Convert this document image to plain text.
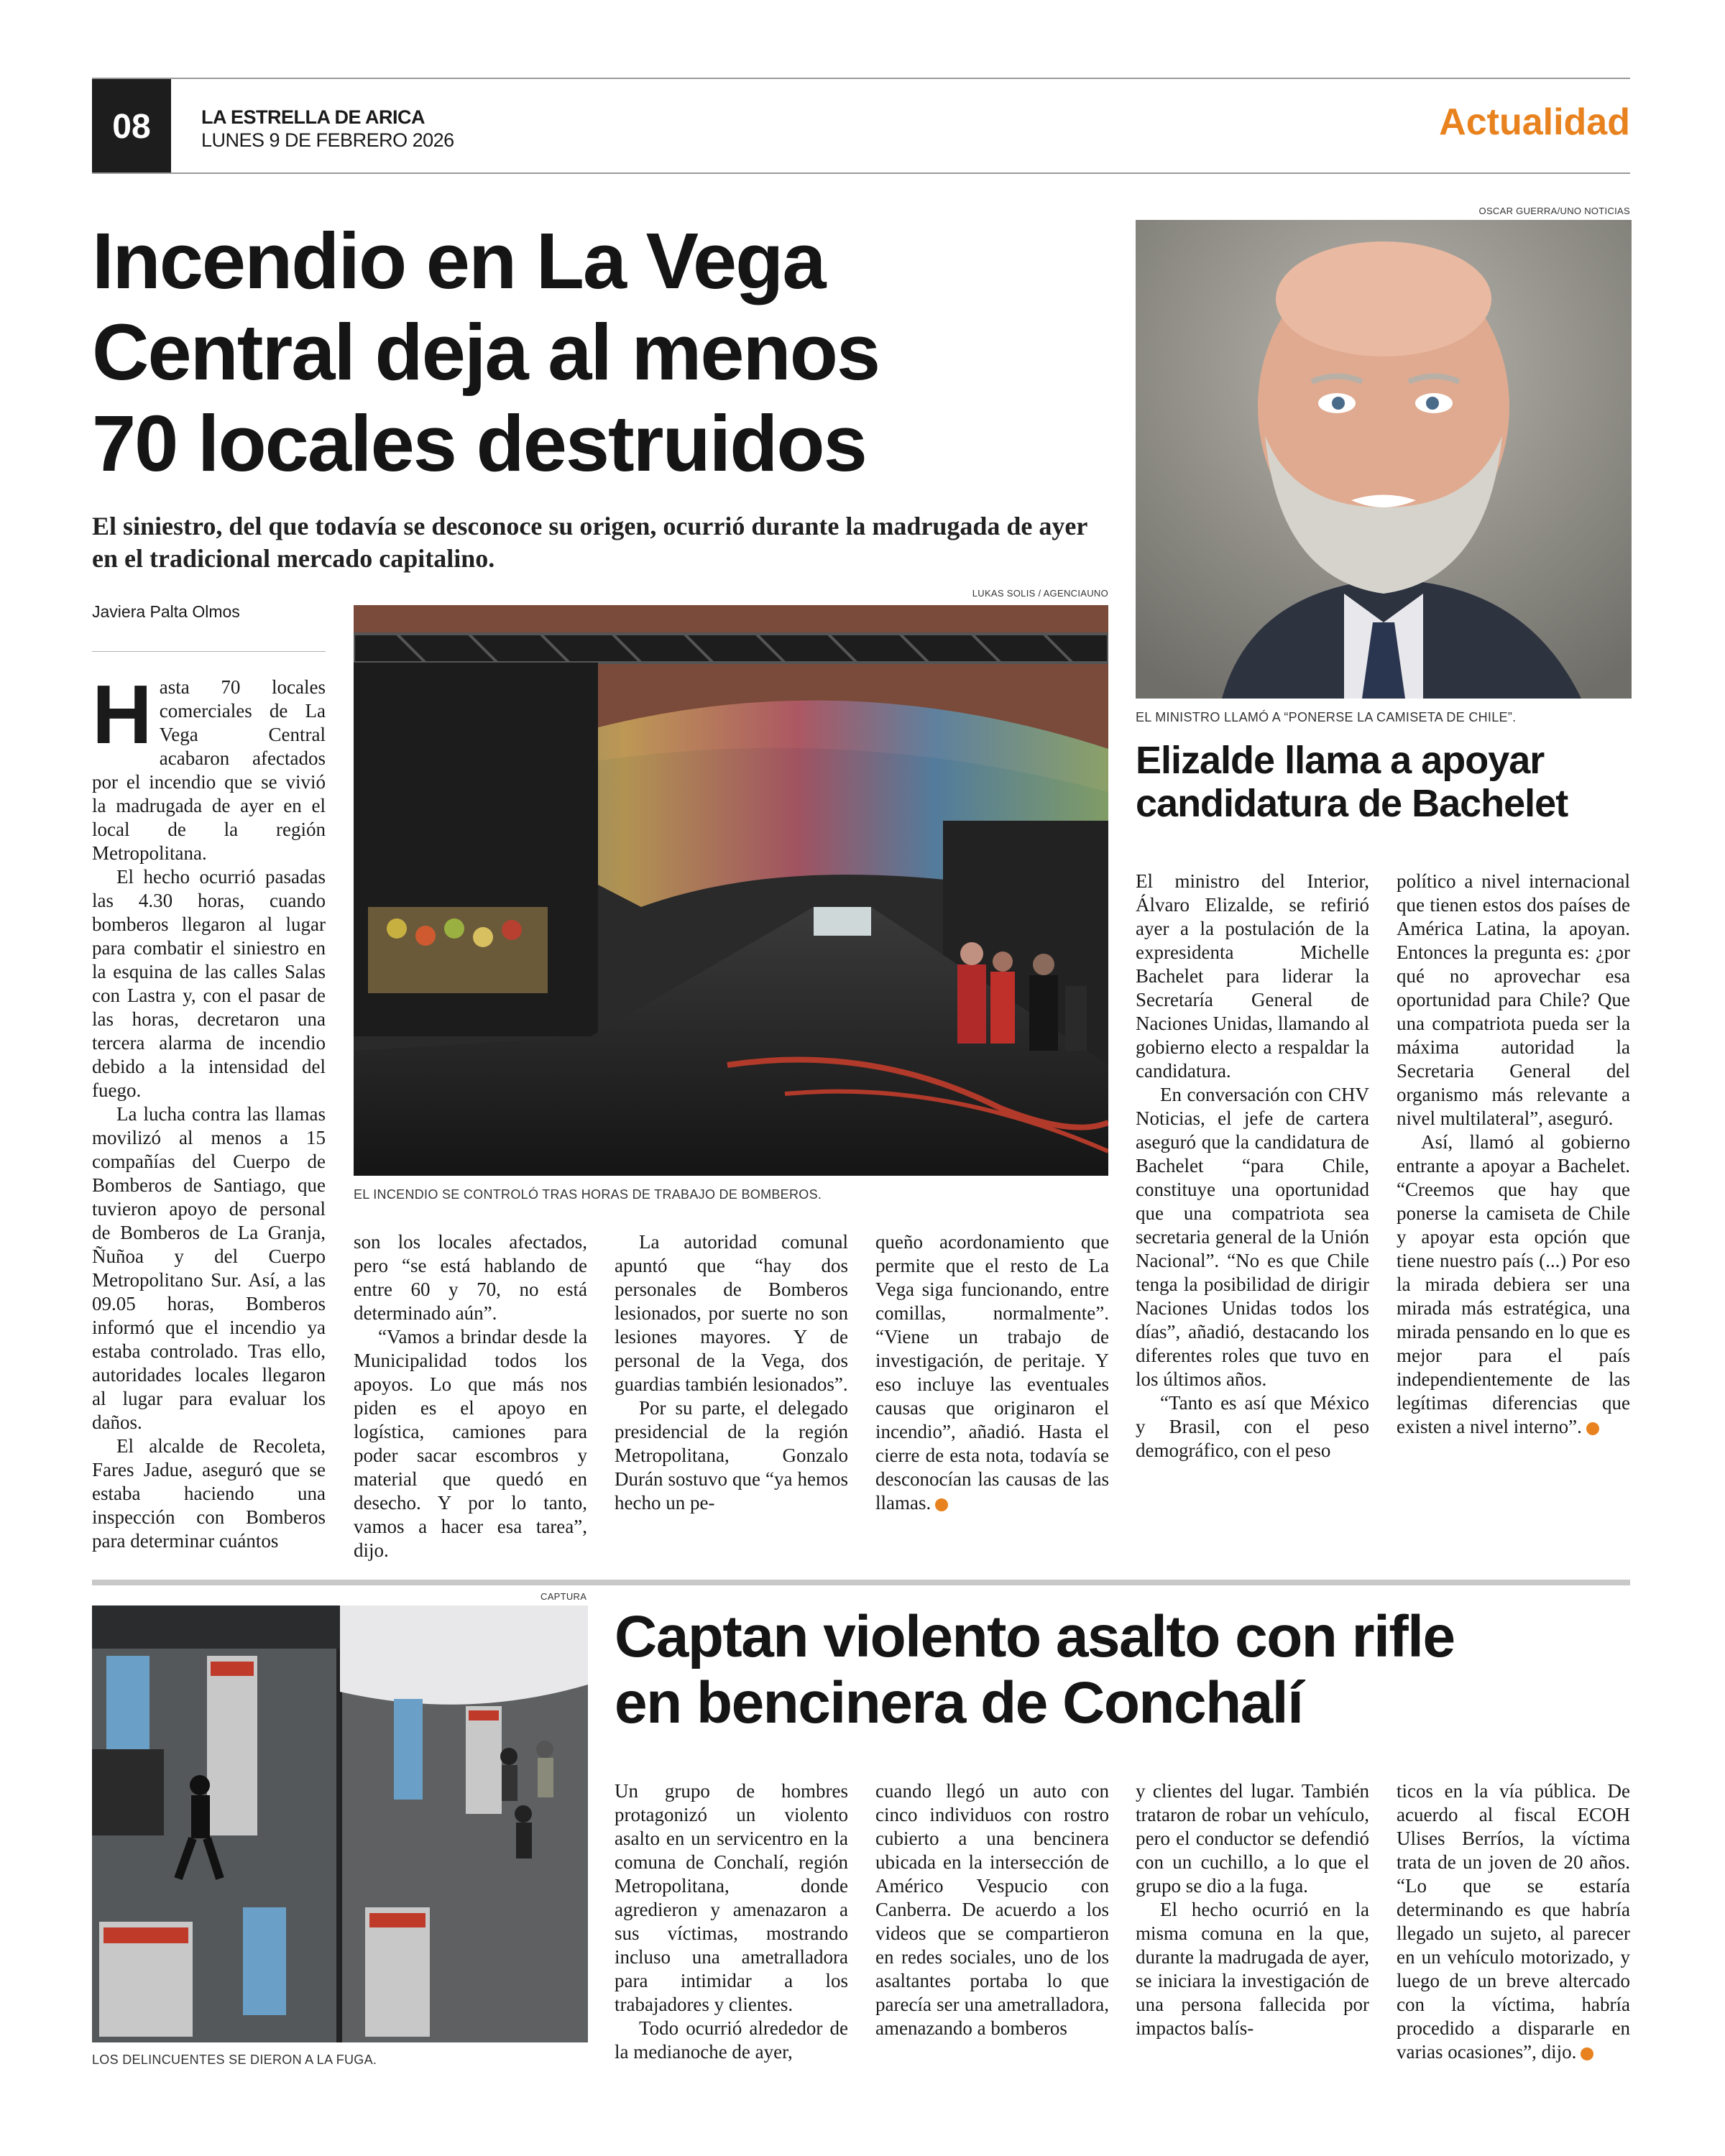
08	LA ESTRELLA DE ARICA
LUNES 9 DE FEBRERO 2026	Actualidad
Incendio en La Vega
Central deja al menos
70 locales destruidos
El siniestro, del que todavía se desconoce su origen, ocurrió durante la madrugada de ayer en el tradicional mercado capitalino.
Javiera Palta Olmos
LUKAS SOLIS / AGENCIAUNO
EL INCENDIO SE CONTROLÓ TRAS HORAS DE TRABAJO DE BOMBEROS.

Hasta 70 locales comerciales de La Vega Central acabaron afectados por el incendio que se vivió la madrugada de ayer en el local de la región Metropolitana.

El hecho ocurrió pasadas las 4.30 horas, cuando bomberos llegaron al lugar para combatir el siniestro en la esquina de las calles Salas con Lastra y, con el pasar de las horas, decretaron una tercera alarma de incendio debido a la intensidad del fuego.

La lucha contra las llamas movilizó al menos a 15 compañías del Cuerpo de Bomberos de Santiago, que tuvieron apoyo de personal de Bomberos de La Granja, Ñuñoa y del Cuerpo Metropolitano Sur. Así, a las 09.05 horas, Bomberos informó que el incendio ya estaba controlado. Tras ello, autoridades locales llegaron al lugar para evaluar los daños.

El alcalde de Recoleta, Fares Jadue, aseguró que se estaba haciendo una inspección con Bomberos para determinar cuántos

son los locales afectados, pero “se está hablando de entre 60 y 70, no está determinado aún”.

“Vamos a brindar desde la Municipalidad todos los apoyos. Lo que más nos piden es el apoyo en logística, camiones para poder sacar escombros y material que quedó en desecho. Y por lo tanto, vamos a hacer esa tarea”, dijo.

La autoridad comunal apuntó que “hay dos personales de Bomberos lesionados, por suerte no son lesiones mayores. Y de personal de la Vega, dos guardias también lesionados”.

Por su parte, el delegado presidencial de la región Metropolitana, Gonzalo Durán sostuvo que “ya hemos hecho un pe-

queño acordonamiento que permite que el resto de La Vega siga funcionando, entre comillas, normalmente”. “Viene un trabajo de investigación, de peritaje. Y eso incluye las eventuales causas que originaron el incendio”, añadió. Hasta el cierre de esta nota, todavía se desconocían las causas de las llamas.

OSCAR GUERRA/UNO NOTICIAS
EL MINISTRO LLAMÓ A “PONERSE LA CAMISETA DE CHILE”.
Elizalde llama a apoyar
candidatura de Bachelet

El ministro del Interior, Álvaro Elizalde, se refirió ayer a la postulación de la expresidenta Michelle Bachelet para liderar la Secretaría General de Naciones Unidas, llamando al gobierno electo a respaldar la candidatura.

En conversación con CHV Noticias, el jefe de cartera aseguró que la candidatura de Bachelet “para Chile, constituye una oportunidad que una compatriota sea secretaria general de la Unión Nacional”. “No es que Chile tenga la posibilidad de dirigir Naciones Unidas todos los días”, añadió, destacando los diferentes roles que tuvo en los últimos años.

“Tanto es así que México y Brasil, con el peso demográfico, con el peso

político a nivel internacional que tienen estos dos países de América Latina, la apoyan. Entonces la pregunta es: ¿por qué no aprovechar esa oportunidad para Chile? Que una compatriota pueda ser la máxima autoridad la Secretaria General del organismo más relevante a nivel multilateral”, aseguró.

Así, llamó al gobierno entrante a apoyar a Bachelet. “Creemos que hay que ponerse la camiseta de Chile y apoyar esta opción que tiene nuestro país (...) Por eso la mirada debiera ser una mirada más estratégica, una mirada pensando en lo que es mejor para el país independientemente de las legítimas diferencias que existen a nivel interno”.

CAPTURA
LOS DELINCUENTES SE DIERON A LA FUGA.
Captan violento asalto con rifle
en bencinera de Conchalí

Un grupo de hombres protagonizó un violento asalto en un servicentro en la comuna de Conchalí, región Metropolitana, donde agredieron y amenazaron a sus víctimas, mostrando incluso una ametralladora para intimidar a los trabajadores y clientes.

Todo ocurrió alrededor de la medianoche de ayer,

cuando llegó un auto con cinco individuos con rostro cubierto a una bencinera ubicada en la intersección de Américo Vespucio con Canberra. De acuerdo a los videos que se compartieron en redes sociales, uno de los asaltantes portaba lo que parecía ser una ametralladora, amenazando a bomberos

y clientes del lugar. También trataron de robar un vehículo, pero el conductor se defendió con un cuchillo, a lo que el grupo se dio a la fuga.

El hecho ocurrió en la misma comuna en la que, durante la madrugada de ayer, se iniciara la investigación de una persona fallecida por impactos balís-

ticos en la vía pública. De acuerdo al fiscal ECOH Ulises Berríos, la víctima trata de un joven de 20 años. “Lo que se estaría determinando es que habría llegado un sujeto, al parecer en un vehículo motorizado, y luego de un breve altercado con la víctima, habría procedido a dispararle en varias ocasiones”, dijo.
